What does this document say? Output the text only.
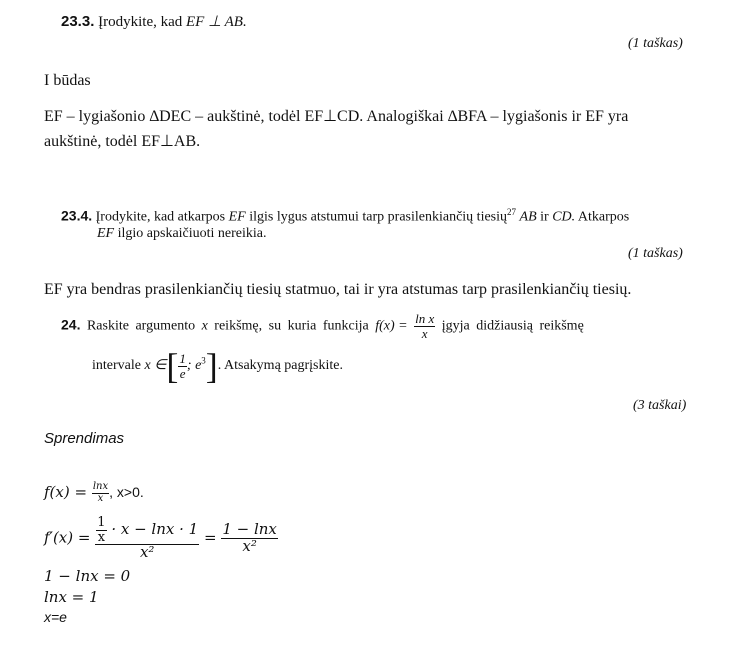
23.3. Įrodykite, kad EF ⊥ AB.
(1 taškas)
I būdas
EF – lygiašonio ∆DEC – aukštinė, todėl EF⊥CD. Analogiškai ∆BFA – lygiašonis ir EF yra
aukštinė, todėl EF⊥AB.
23.4. Įrodykite, kad atkarpos EF ilgis lygus atstumui tarp prasilenkiančių tiesių$^{27}$ AB ir CD. Atkarpos
EF ilgio apskaičiuoti nereikia.
(1 taškas)
EF yra bendras prasilenkiančių tiesių statmuo, tai ir yra atstumas tarp prasilenkiančių tiesių.
24. Raskite argumento x reikšmę, su kuria funkcija $f(x) = \frac{\text{ln x}}{x}$ įgyja didžiausią reikšmę
intervale x ∈[ $\frac{1}{e}$ ; $e^3$]. Atsakymą pagrįskite.
(3 taškai)
Sprendimas
$f(x) = \frac{\ln x}{x}$ , x>0.
$f'(x) = \frac{\frac{1}{x} \cdot x - \ln x \cdot 1}{\text{x²}} = \frac{1 - \ln x}{\text{x²}}$
1 − lnx = 0
lnx = 1
x=e
